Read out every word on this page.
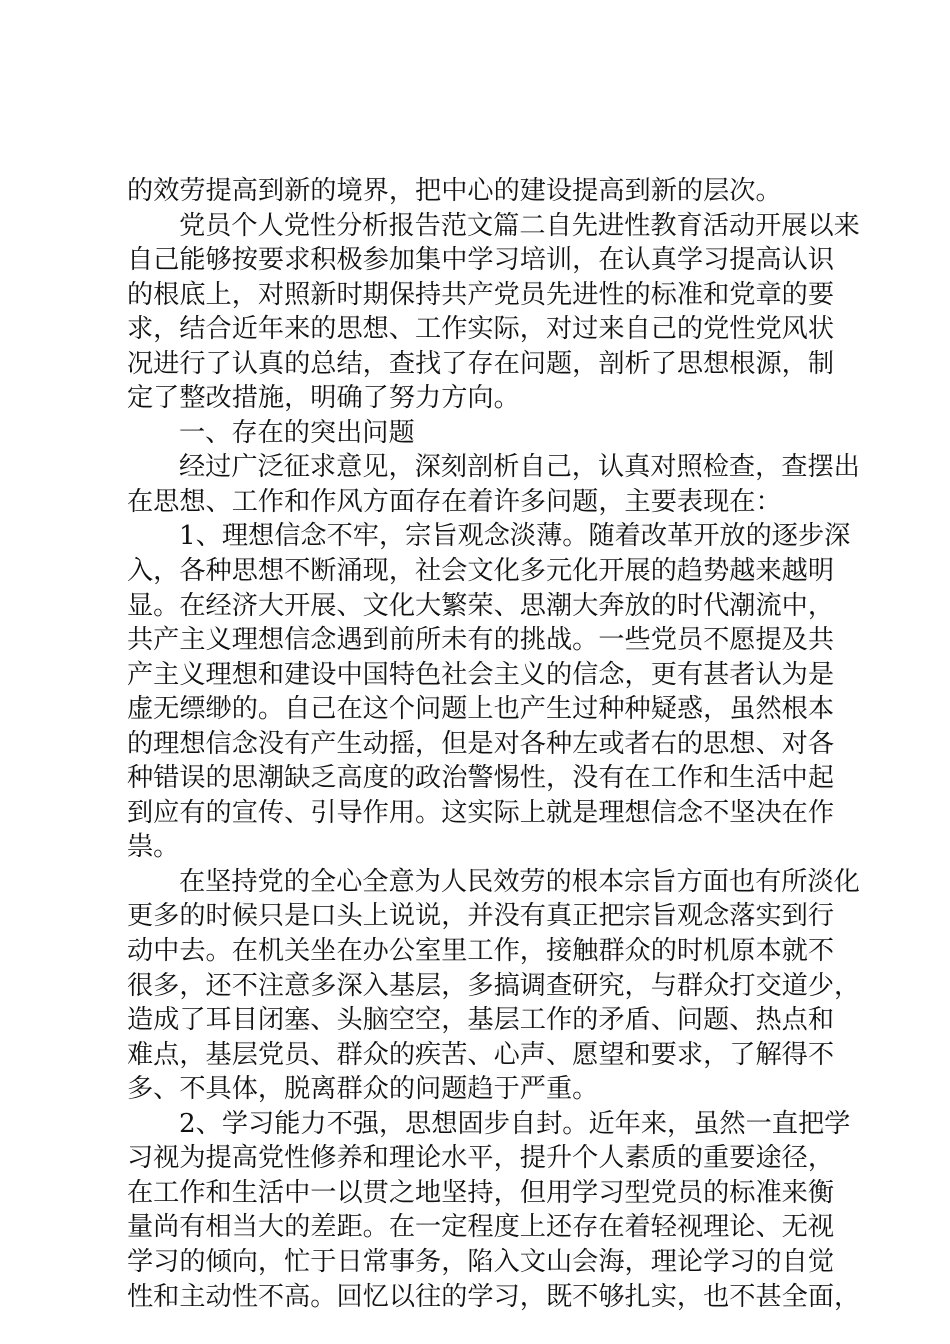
的效劳提高到新的境界，把中心的建设提高到新的层次。
党员个人党性分析报告范文篇二自先进性教育活动开展以来
自己能够按要求积极参加集中学习培训，在认真学习提高认识
的根底上，对照新时期保持共产党员先进性的标准和党章的要
求，结合近年来的思想、工作实际，对过来自己的党性党风状
况进行了认真的总结，查找了存在问题，剖析了思想根源，制
定了整改措施，明确了努力方向。
一、存在的突出问题
经过广泛征求意见，深刻剖析自己，认真对照检查，查摆出
在思想、工作和作风方面存在着许多问题，主要表现在：
1、理想信念不牢，宗旨观念淡薄。随着改革开放的逐步深
入，各种思想不断涌现，社会文化多元化开展的趋势越来越明
显。在经济大开展、文化大繁荣、思潮大奔放的时代潮流中，
共产主义理想信念遇到前所未有的挑战。一些党员不愿提及共
产主义理想和建设中国特色社会主义的信念，更有甚者认为是
虚无缥缈的。自己在这个问题上也产生过种种疑惑，虽然根本
的理想信念没有产生动摇，但是对各种左或者右的思想、对各
种错误的思潮缺乏高度的政治警惕性，没有在工作和生活中起
到应有的宣传、引导作用。这实际上就是理想信念不坚决在作
祟。
在坚持党的全心全意为人民效劳的根本宗旨方面也有所淡化
更多的时候只是口头上说说，并没有真正把宗旨观念落实到行
动中去。在机关坐在办公室里工作，接触群众的时机原本就不
很多，还不注意多深入基层，多搞调查研究，与群众打交道少，
造成了耳目闭塞、头脑空空，基层工作的矛盾、问题、热点和
难点，基层党员、群众的疾苦、心声、愿望和要求，了解得不
多、不具体，脱离群众的问题趋于严重。
2、学习能力不强，思想固步自封。近年来，虽然一直把学
习视为提高党性修养和理论水平，提升个人素质的重要途径，
在工作和生活中一以贯之地坚持，但用学习型党员的标准来衡
量尚有相当大的差距。在一定程度上还存在着轻视理论、无视
学习的倾向，忙于日常事务，陷入文山会海，理论学习的自觉
性和主动性不高。回忆以往的学习，既不够扎实，也不甚全面，
